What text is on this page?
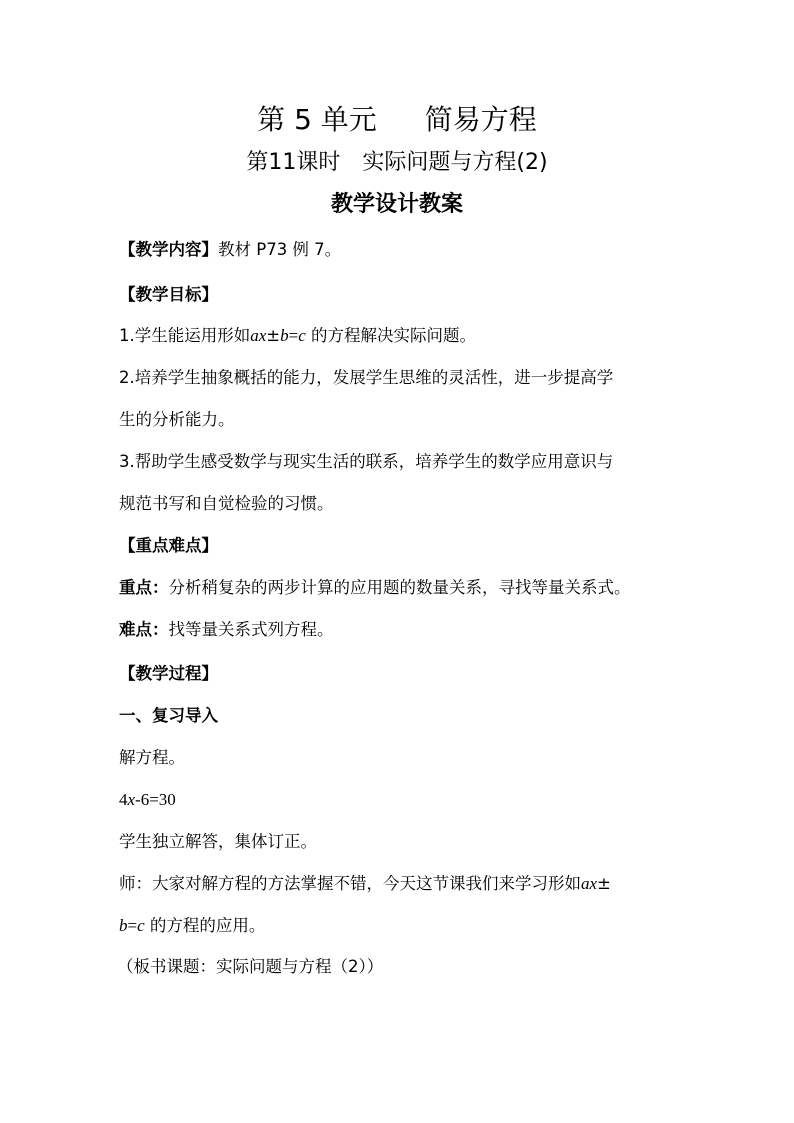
第 5 单元 简易方程
第11课时 实际问题与方程(2)
教学设计教案
【教学内容】教材 P73 例 7。
【教学目标】
1.学生能运用形如ax±b=c 的方程解决实际问题。
2.培养学生抽象概括的能力，发展学生思维的灵活性，进一步提高学
生的分析能力。
3.帮助学生感受数学与现实生活的联系，培养学生的数学应用意识与
规范书写和自觉检验的习惯。
【重点难点】
重点：分析稍复杂的两步计算的应用题的数量关系，寻找等量关系式。
难点：找等量关系式列方程。
【教学过程】
一、复习导入
解方程。
4x-6=30
学生独立解答，集体订正。
师：大家对解方程的方法掌握不错，今天这节课我们来学习形如ax±
b=c 的方程的应用。
（板书课题：实际问题与方程（2））
